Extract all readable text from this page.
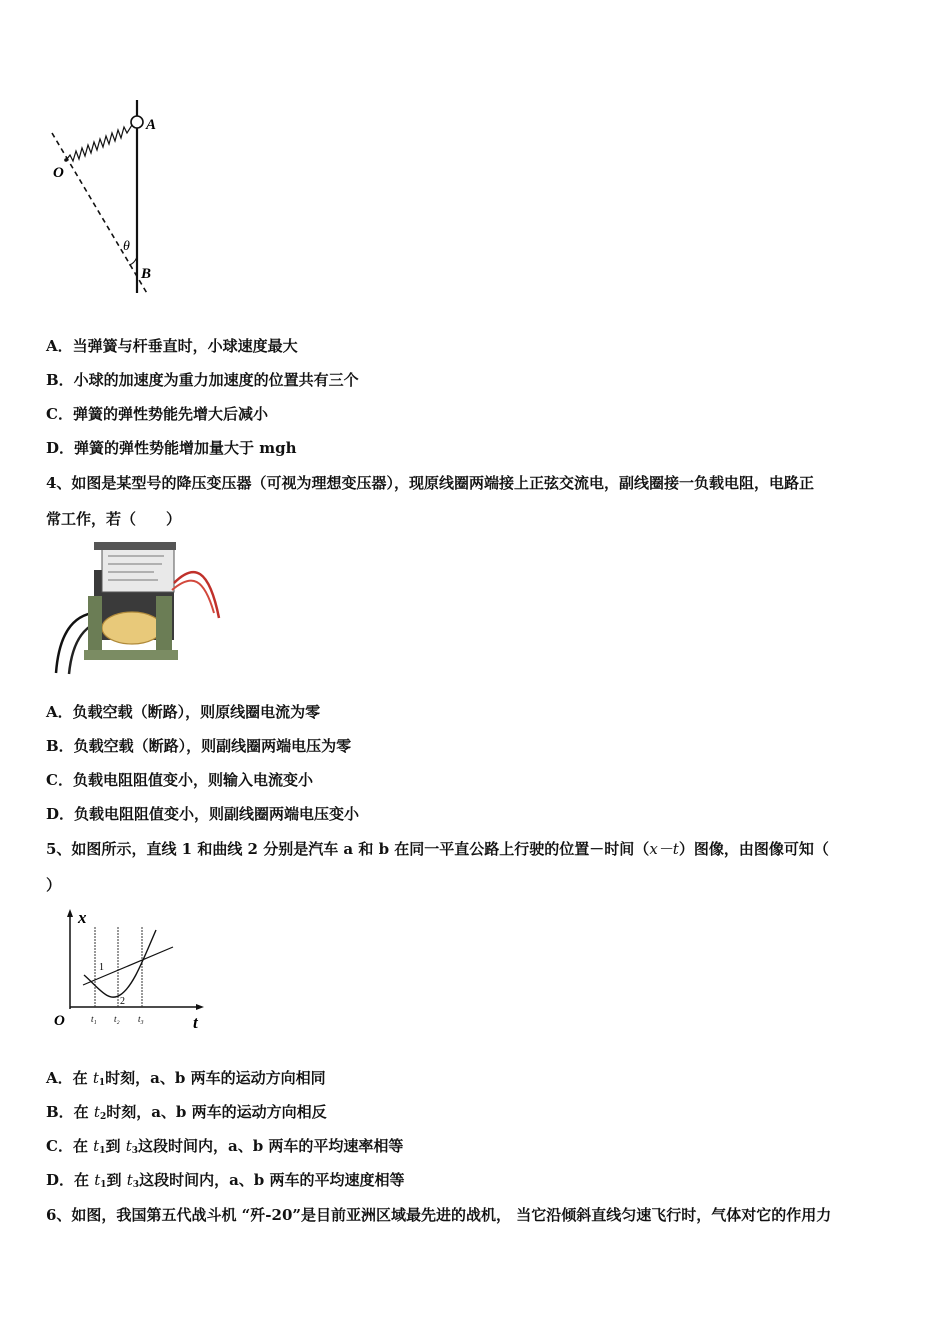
A
O
θ
B
A．当弹簧与杆垂直时，小球速度最大
B．小球的加速度为重力加速度的位置共有三个
C．弹簧的弹性势能先增大后减小
D．弹簧的弹性势能增加量大于 mgh
4、如图是某型号的降压变压器（可视为理想变压器），现原线圈两端接上正弦交流电，副线圈接一负载电阻，电路正
常工作，若（　　）
A．负载空载（断路），则原线圈电流为零
B．负载空载（断路），则副线圈两端电压为零
C．负载电阻阻值变小，则输入电流变小
D．负载电阻阻值变小，则副线圈两端电压变小
5、如图所示，直线 1 和曲线 2 分别是汽车 a 和 b 在同一平直公路上行驶的位置－时间（x－t）图像，由图像可知（
）
x
t
O
1
2
t₁ t₂ t₃
A．在 $t_1$时刻，a、b 两车的运动方向相同
B．在 $t_2$时刻，a、b 两车的运动方向相反
C．在 $t_1$到 $t_3$这段时间内，a、b 两车的平均速率相等
D．在 $t_1$到 $t_3$这段时间内，a、b 两车的平均速度相等
6、如图，我国第五代战斗机 “歼-20”是目前亚洲区域最先进的战机， 当它沿倾斜直线匀速飞行时，气体对它的作用力
